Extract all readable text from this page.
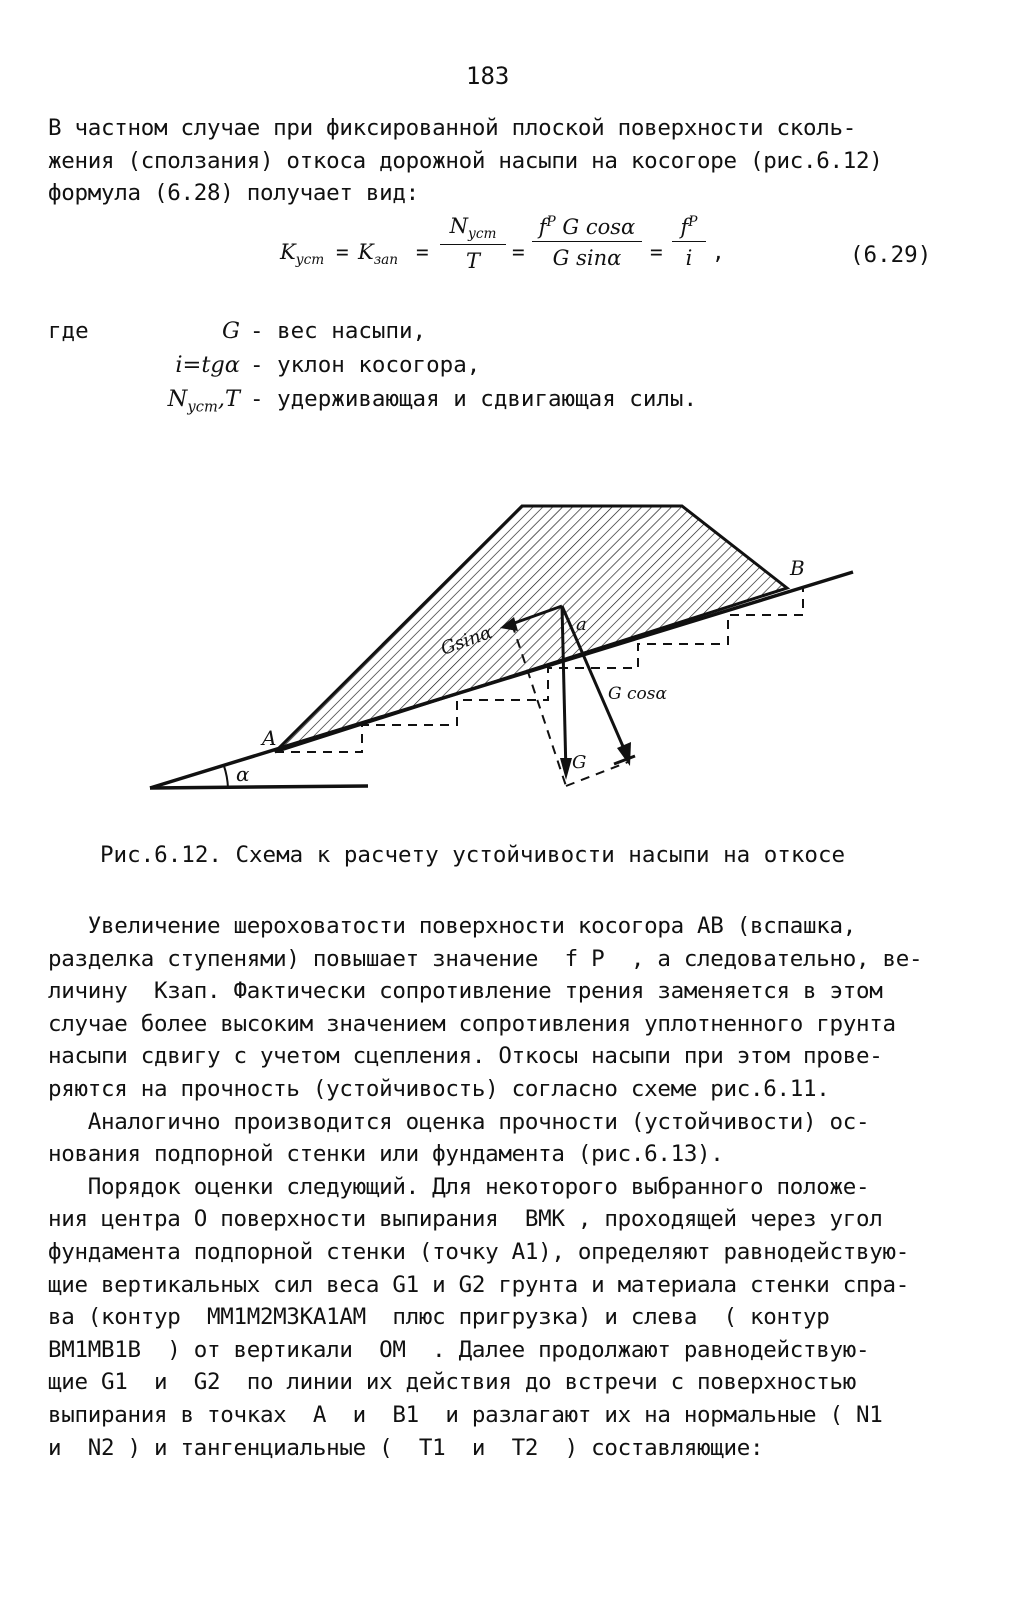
183
В частном случае при фиксированной плоской поверхности сколь-
жения (сползания) откоса дорожной насыпи на косогоре (рис.6.12)
формула (6.28) получает вид:
$K_{уст} = K_{зап}$ =
$N_{уст}$
T	= $\frac{f^P G \cos\alpha}{\text{G sinα}} = \frac{f^P}{i}$ ,	(6.29)
где	G - вес насыпи,
i=tgα - уклон косогора,
$N_{уст},T$ - удерживающая и сдвигающая силы.
A
B
α
a
G
Gsinα
G cosα
Рис.6.12. Схема к расчету устойчивости насыпи на откосе
Увеличение шероховатости поверхности косогора AB (вспашка,
разделка ступенями) повышает значение  f P  , а следовательно, ве-
личину  Kзап. Фактически сопротивление трения заменяется в этом
случае более высоким значением сопротивления уплотненного грунта
насыпи сдвигу с учетом сцепления. Откосы насыпи при этом прове-
ряются на прочность (устойчивость) согласно схеме рис.6.11.
Аналогично производится оценка прочности (устойчивости) ос-
нования подпорной стенки или фундамента (рис.6.13).
Порядок оценки следующий. Для некоторого выбранного положе-
ния центра O поверхности выпирания  BMK , проходящей через угол
фундамента подпорной стенки (точку A1), определяют равнодействую-
щие вертикальных сил веса G1 и G2 грунта и материала стенки спра-
ва (контур  MM1M2M3KA1AM  плюс пригрузка) и слева  ( контур
BM1MB1B  ) от вертикали  OM  . Далее продолжают равнодействую-
щие G1  и  G2  по линии их действия до встречи с поверхностью
выпирания в точках  A  и  B1  и разлагают их на нормальные ( N1
и  N2 ) и тангенциальные (  T1  и  T2  ) составляющие:
